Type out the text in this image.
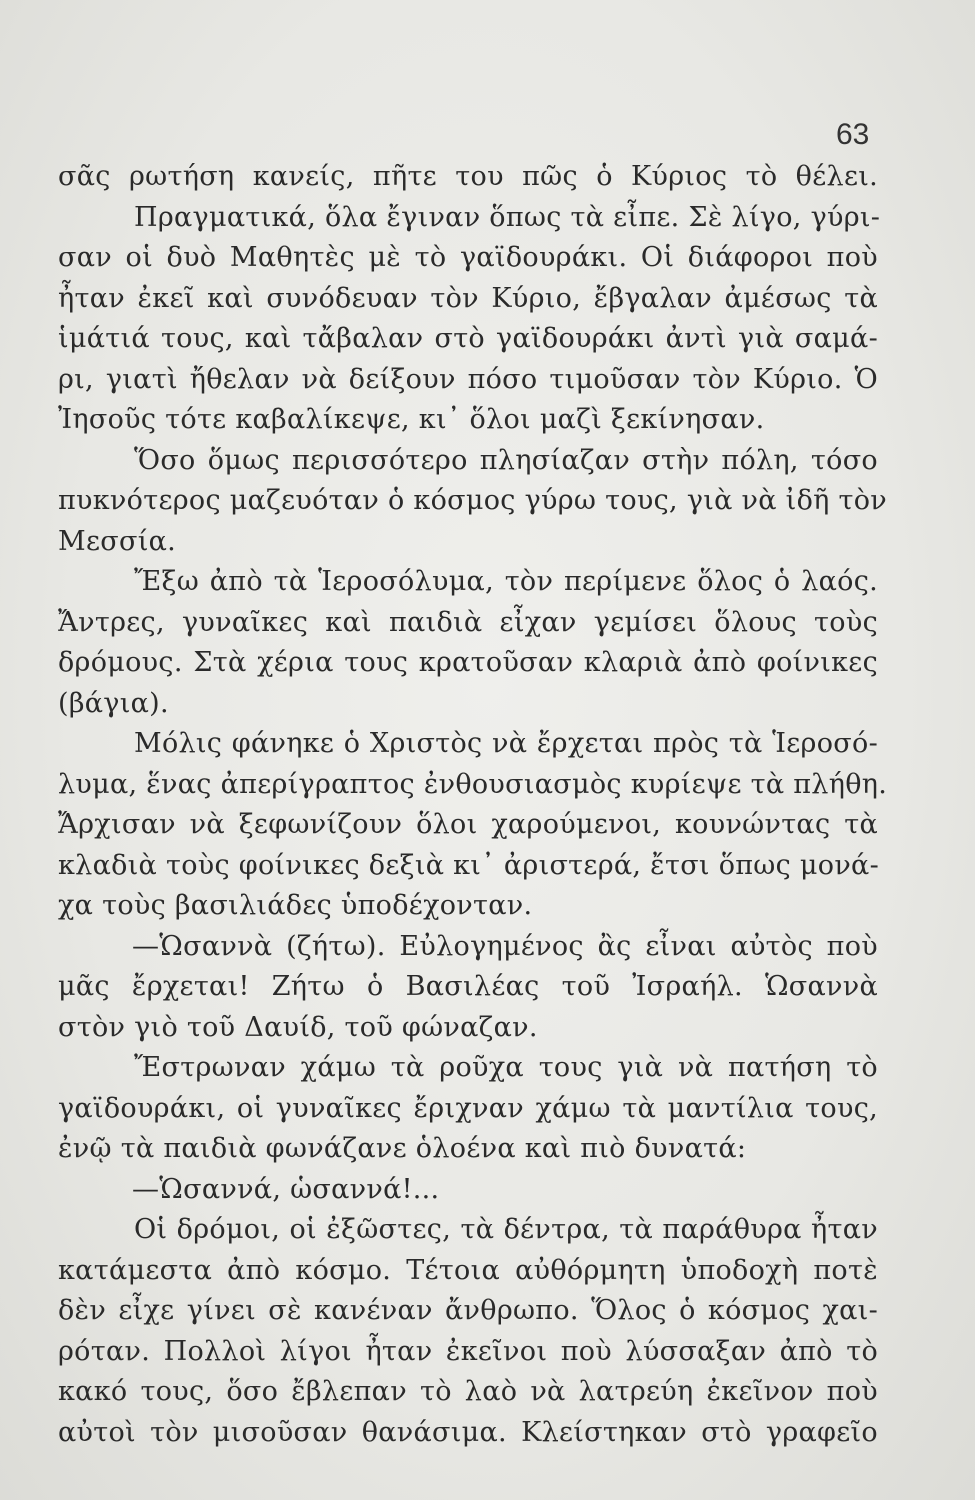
63
σᾶς ρωτήση κανείς, πῆτε του πῶς ὁ Κύριος τὸ θέλει.
Πραγματικά, ὅλα ἔγιναν ὅπως τὰ εἶπε. Σὲ λίγο, γύρι-
σαν οἱ δυὸ Μαθητὲς μὲ τὸ γαϊδουράκι. Οἱ διάφοροι ποὺ
ἦταν ἐκεῖ καὶ συνόδευαν τὸν Κύριο, ἔβγαλαν ἀμέσως τὰ
ἱμάτιά τους, καὶ τἄβαλαν στὸ γαϊδουράκι ἀντὶ γιὰ σαμά-
ρι, γιατὶ ἤθελαν νὰ δείξουν πόσο τιμοῦσαν τὸν Κύριο. Ὁ
Ἰησοῦς τότε καβαλίκεψε, κι᾽ ὅλοι μαζὶ ξεκίνησαν.
Ὅσο ὅμως περισσότερο πλησίαζαν στὴν πόλη, τόσο
πυκνότερος μαζευόταν ὁ κόσμος γύρω τους, γιὰ νὰ ἰδῆ τὸν
Μεσσία.
Ἔξω ἀπὸ τὰ Ἱεροσόλυμα, τὸν περίμενε ὅλος ὁ λαός.
Ἄντρες, γυναῖκες καὶ παιδιὰ εἶχαν γεμίσει ὅλους τοὺς
δρόμους. Στὰ χέρια τους κρατοῦσαν κλαριὰ ἀπὸ φοίνικες
(βάγια).
Μόλις φάνηκε ὁ Χριστὸς νὰ ἔρχεται πρὸς τὰ Ἱεροσό-
λυμα, ἕνας ἀπερίγραπτος ἐνθουσιασμὸς κυρίεψε τὰ πλήθη.
Ἄρχισαν νὰ ξεφωνίζουν ὅλοι χαρούμενοι, κουνώντας τὰ
κλαδιὰ τοὺς φοίνικες δεξιὰ κι᾽ ἀριστερά, ἔτσι ὅπως μονά-
χα τοὺς βασιλιάδες ὑποδέχονταν.
—Ὡσαννὰ (ζήτω). Εὐλογημένος ἂς εἶναι αὐτὸς ποὺ
μᾶς ἔρχεται! Ζήτω ὁ Βασιλέας τοῦ Ἰσραήλ. Ὡσαννὰ
στὸν γιὸ τοῦ Δαυίδ, τοῦ φώναζαν.
Ἔστρωναν χάμω τὰ ροῦχα τους γιὰ νὰ πατήση τὸ
γαϊδουράκι, οἱ γυναῖκες ἔριχναν χάμω τὰ μαντίλια τους,
ἐνῷ τὰ παιδιὰ φωνάζανε ὁλοένα καὶ πιὸ δυνατά:
—Ὡσαννά, ὡσαννά!...
Οἱ δρόμοι, οἱ ἐξῶστες, τὰ δέντρα, τὰ παράθυρα ἦταν
κατάμεστα ἀπὸ κόσμο. Τέτοια αὐθόρμητη ὑποδοχὴ ποτὲ
δὲν εἶχε γίνει σὲ κανέναν ἄνθρωπο. Ὅλος ὁ κόσμος χαι-
ρόταν. Πολλοὶ λίγοι ἦταν ἐκεῖνοι ποὺ λύσσαξαν ἀπὸ τὸ
κακό τους, ὅσο ἔβλεπαν τὸ λαὸ νὰ λατρεύη ἐκεῖνον ποὺ
αὐτοὶ τὸν μισοῦσαν θανάσιμα. Κλείστηκαν στὸ γραφεῖο
